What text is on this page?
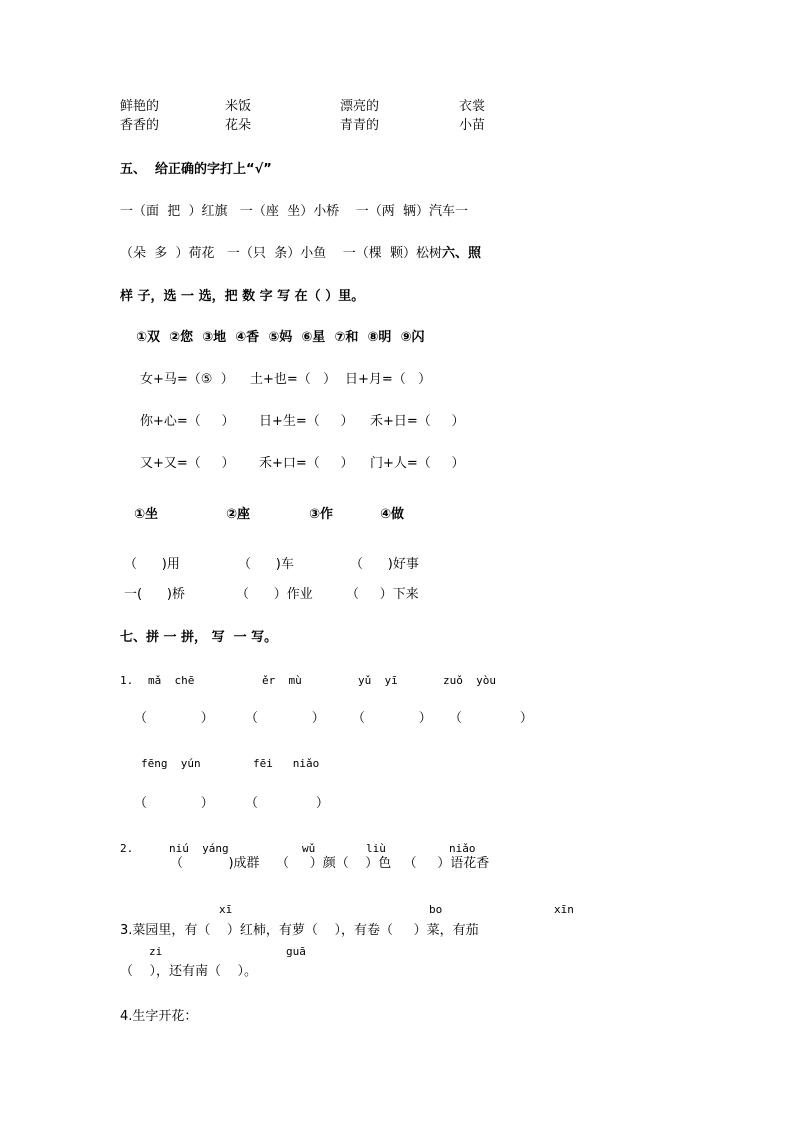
鲜艳的	米饭	漂亮的	衣裳
香香的	花朵	青青的	小苗
五、  给正确的字打上“√”
一（面  把  ）红旗   一（座  坐）小桥    一（两  辆）汽车一
（朵  多  ）荷花   一（只  条）小鱼    一（棵  颗）松树六、照
样 子，选 一 选，把 数 字 写 在（ ）里。
①双  ②您  ③地  ④香  ⑤妈  ⑥星  ⑦和  ⑧明  ⑨闪
女+马=（⑤  ） 土+也=（   ） 日+月=（   ）
你+心=（     ） 日+生=（     ） 禾+日=（     ）
又+又=（     ） 禾+口=（     ） 门+人=（     ）
①坐	②座	③作	④做
（      )用	（      )车	（      )好事
一(      )桥	（      ）作业	（     ）下来
七、拼 一 拼， 写  一 写。
1. mǎ  chē	ěr  mù	yǔ  yī	zuǒ  yòu
（             ） （             ） （             ） （              ）
fēng  yún	fēi   niǎo
（             ） （              ）
2.	niú  yáng	wǔ	liù	niǎo
（           )成群    （     ）颜（    ）色   （     ）语花香
xī	bo	xīn
3.菜园里，有（    ）红柿，有萝（    ），有卷（     ）菜，有茄
zi	guā
（    ），还有南（    ）。
4.生字开花：
